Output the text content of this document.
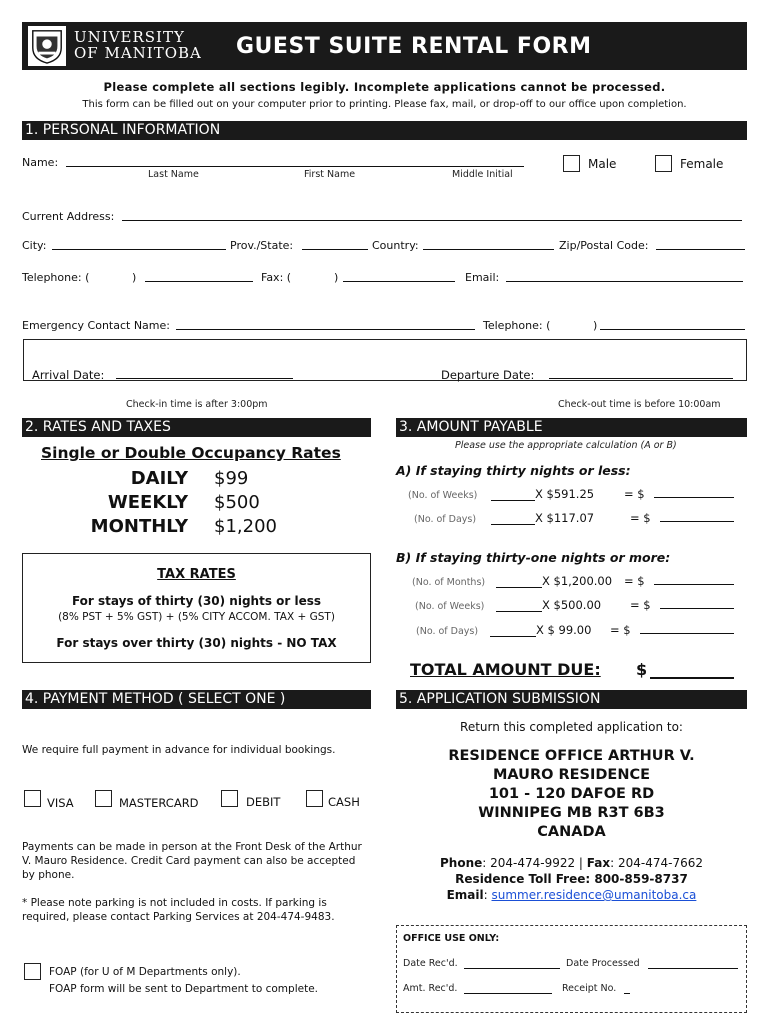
UNIVERSITY
OF MANITOBA GUEST SUITE RENTAL FORM
Please complete all sections legibly. Incomplete applications cannot be processed.
This form can be filled out on your computer prior to printing. Please fax, mail, or drop-off to our office upon completion.
1. PERSONAL INFORMATION
Name:
Last Name	First Name	Middle Initial
Male	Female
Current Address:
City:	Prov./State:	Country:	Zip/Postal Code:
Telephone: (	)	Fax: (	)	Email:
Emergency Contact Name:	Telephone: (	)
Arrival Date:	Departure Date:
Check-in time is after 3:00pm	Check-out time is before 10:00am
2. RATES AND TAXES
Single or Double Occupancy Rates
DAILY $99
WEEKLY $500
MONTHLY $1,200
TAX RATES
For stays of thirty (30) nights or less
(8% PST + 5% GST) + (5% CITY ACCOM. TAX + GST)
For stays over thirty (30) nights - NO TAX
3. AMOUNT PAYABLE
Please use the appropriate calculation (A or B)
A) If staying thirty nights or less:
(No. of Weeks)	X $591.25	= $
(No. of Days)	X $117.07	= $
B) If staying thirty-one nights or more:
(No. of Months)	X $1,200.00 = $
(No. of Weeks)	X $500.00	= $
(No. of Days)	X $ 99.00 = $
TOTAL AMOUNT DUE: $
4. PAYMENT METHOD ( SELECT ONE )
We require full payment in advance for individual bookings.
VISA	MASTERCARD	DEBIT	CASH
Payments can be made in person at the Front Desk of the Arthur V. Mauro Residence. Credit Card payment can also be accepted by phone.
* Please note parking is not included in costs. If parking is required, please contact Parking Services at 204-474-9483.
FOAP (for U of M Departments only).
FOAP form will be sent to Department to complete.
5. APPLICATION SUBMISSION
Return this completed application to:
RESIDENCE OFFICE ARTHUR V.
MAURO RESIDENCE
101 - 120 DAFOE RD
WINNIPEG MB R3T 6B3
CANADA
Phone: 204-474-9922 | Fax: 204-474-7662
Residence Toll Free: 800-859-8737
Email: summer.residence@umanitoba.ca
OFFICE USE ONLY:
Date Rec'd.	Date Processed
Amt. Rec'd.	Receipt No.
